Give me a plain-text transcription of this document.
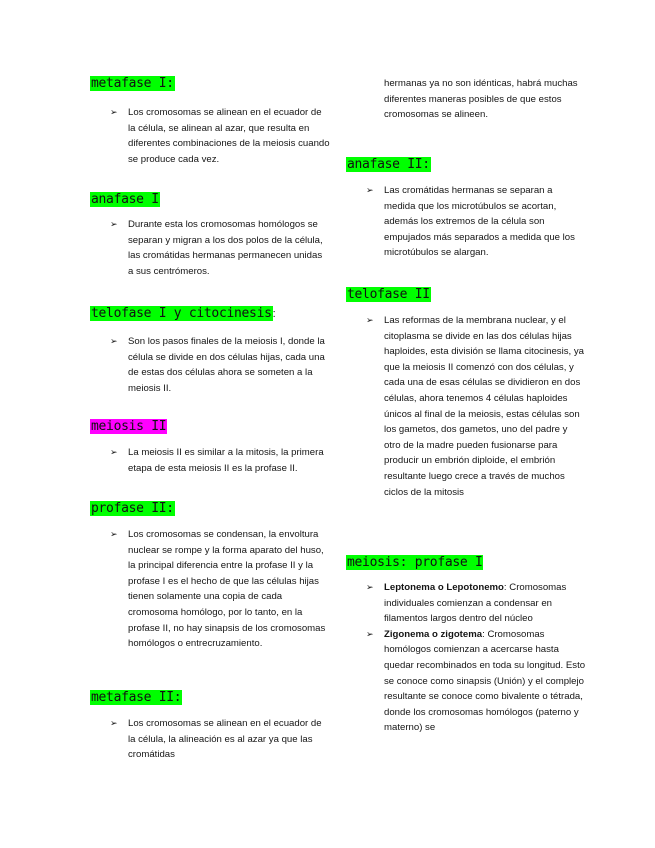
metafase I:
➢ Los cromosomas se alinean en el ecuador de la célula, se alinean al azar, que resulta en diferentes combinaciones de la meiosis cuando se produce cada vez.
anafase I
➢ Durante esta los cromosomas homólogos se separan y migran a los dos polos de la célula, las cromátidas hermanas permanecen unidas a sus centrómeros.
telofase I y citocinesis:
➢ Son los pasos finales de la meiosis I, donde la célula se divide en dos células hijas, cada una de estas dos células ahora se someten a la meiosis II.
meiosis II
➢ La meiosis II es similar a la mitosis, la primera etapa de esta meiosis II es la profase II.
profase II:
➢ Los cromosomas se condensan, la envoltura nuclear se rompe y la forma aparato del huso, la principal diferencia entre la profase II y la profase I es el hecho de que las células hijas tienen solamente una copia de cada cromosoma homólogo, por lo tanto, en la profase II, no hay sinapsis de los cromosomas homólogos o entrecruzamiento.
metafase II:
➢ Los cromosomas se alinean en el ecuador de la célula, la alineación es al azar ya que las cromátidas
hermanas ya no son idénticas, habrá muchas diferentes maneras posibles de que estos cromosomas se alineen.
anafase II:
➢ Las cromátidas hermanas se separan a medida que los microtúbulos se acortan, además los extremos de la célula son empujados más separados a medida que los microtúbulos se alargan.
telofase II
➢ Las reformas de la membrana nuclear, y el citoplasma se divide en las dos células hijas haploides, esta división se llama citocinesis, ya que la meiosis II comenzó con dos células, y cada una de esas células se dividieron en dos células, ahora tenemos 4 células haploides únicos al final de la meiosis, estas células son los gametos, dos gametos, uno del padre y otro de la madre pueden fusionarse para producir un embrión diploide, el embrión resultante luego crece a través de muchos ciclos de la mitosis
meiosis: profase I
➢ Leptonema o Lepotonemo: Cromosomas individuales comienzan a condensar en filamentos largos dentro del núcleo
➢ Zigonema o zigotema: Cromosomas homólogos comienzan a acercarse hasta quedar recombinados en toda su longitud. Esto se conoce como sinapsis (Unión) y el complejo resultante se conoce como bivalente o tétrada, donde los cromosomas homólogos (paterno y materno) se
